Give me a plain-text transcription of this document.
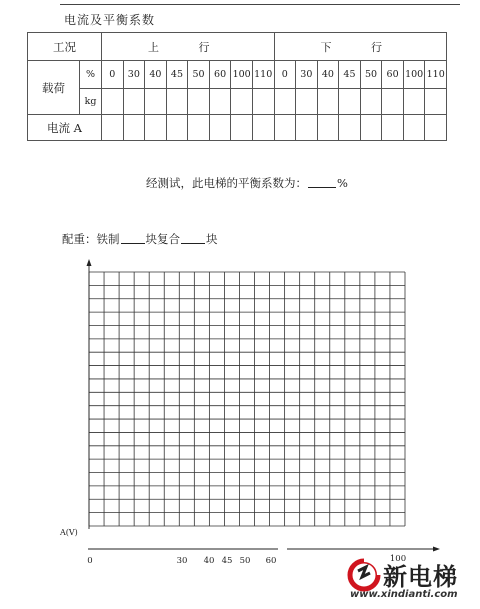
电流及平衡系数
工况		上 行								下 行							
载荷	%	0	30	40	45	50	60	100	110	0	30	40	45	50	60	100	110
	kg																
电流 A																	
经测试，此电梯的平衡系数为：	%
配重：铁制 块复合 块
A(V)
0	30 40 45 50 60	100
新电梯
www.xindianti.com
